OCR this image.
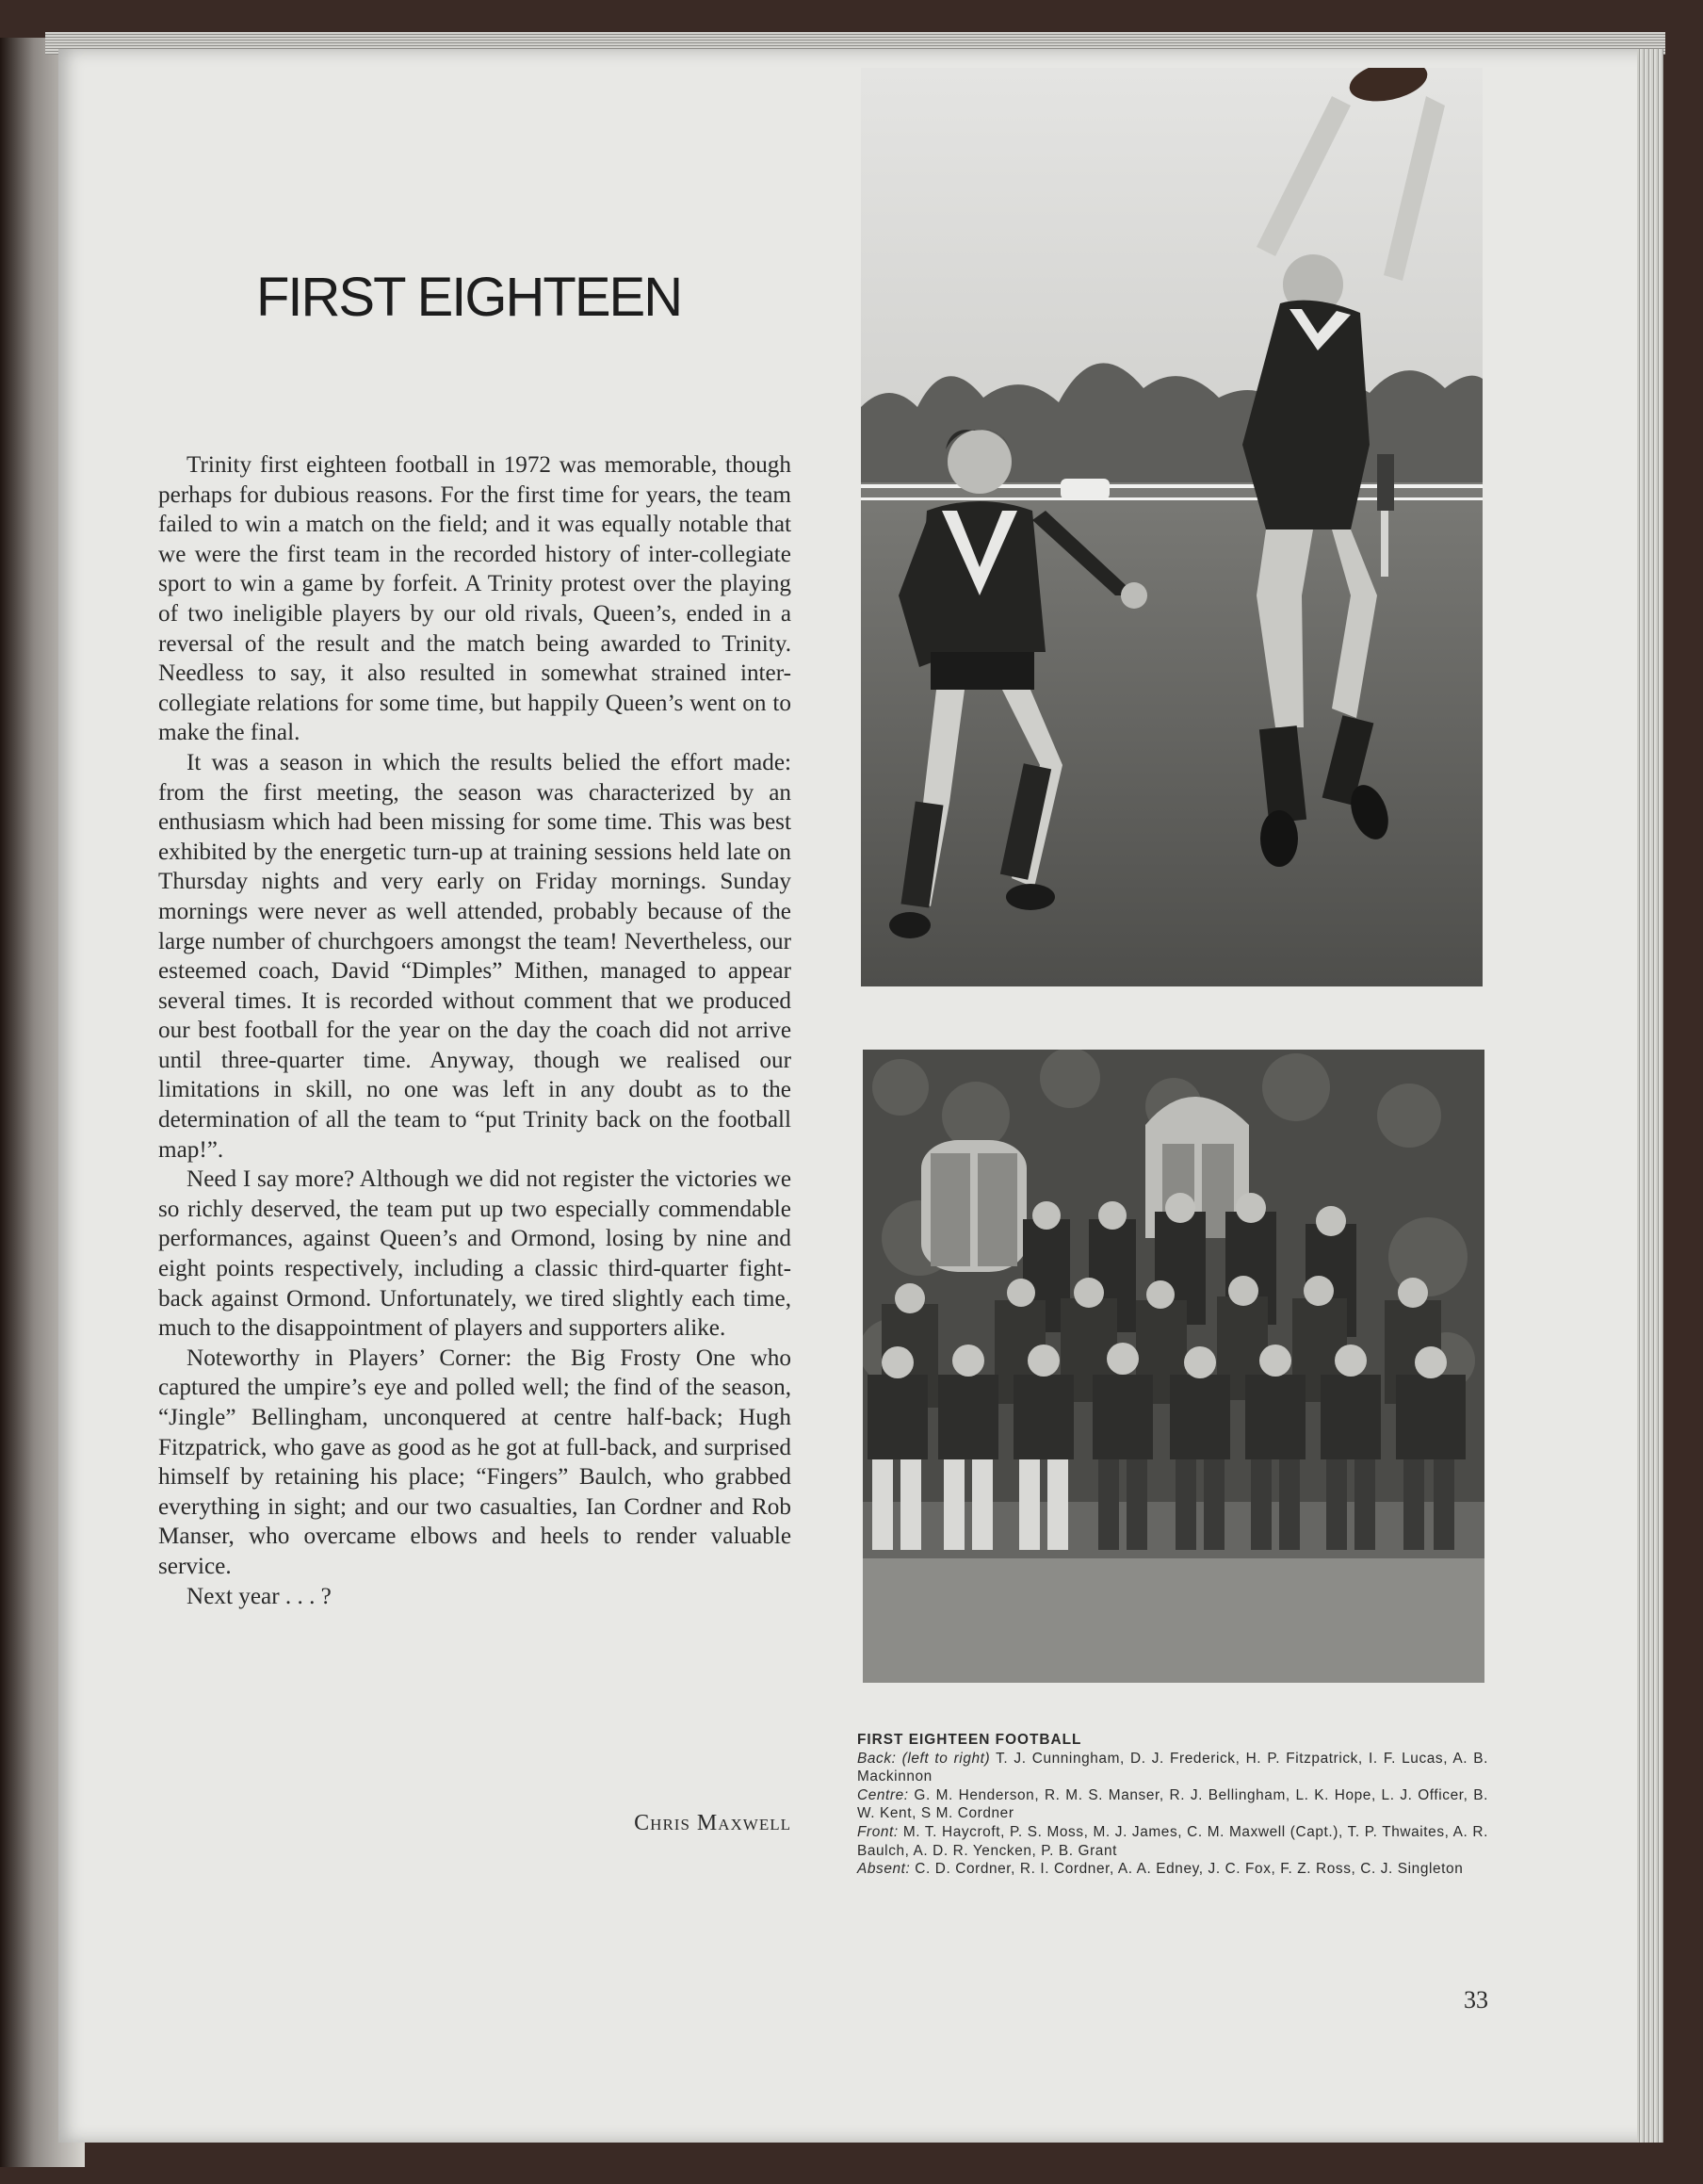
FIRST EIGHTEEN

Trinity first eighteen football in 1972 was memorable, though perhaps for dubious reasons. For the first time for years, the team failed to win a match on the field; and it was equally notable that we were the first team in the recorded history of inter-collegiate sport to win a game by forfeit. A Trinity protest over the playing of two ineligible players by our old rivals, Queen’s, ended in a reversal of the result and the match being awarded to Trinity. Needless to say, it also resulted in somewhat strained inter-collegiate relations for some time, but happily Queen’s went on to make the final.

It was a season in which the results belied the effort made: from the first meeting, the season was characterized by an enthusiasm which had been missing for some time. This was best exhibited by the energetic turn-up at training sessions held late on Thursday nights and very early on Friday mornings. Sunday mornings were never as well attended, probably because of the large number of churchgoers amongst the team! Nevertheless, our esteemed coach, David “Dimples” Mithen, managed to appear several times. It is recorded without comment that we produced our best football for the year on the day the coach did not arrive until three-quarter time. Anyway, though we realised our limitations in skill, no one was left in any doubt as to the determination of all the team to “put Trinity back on the football map!”.

Need I say more? Although we did not register the victories we so richly deserved, the team put up two especially commendable performances, against Queen’s and Ormond, losing by nine and eight points respectively, including a classic third-quarter fight-back against Ormond. Unfortunately, we tired slightly each time, much to the disappointment of players and supporters alike.

Noteworthy in Players’ Corner: the Big Frosty One who captured the umpire’s eye and polled well; the find of the season, “Jingle” Bellingham, unconquered at centre half-back; Hugh Fitzpatrick, who gave as good as he got at full-back, and surprised himself by retaining his place; “Fingers” Baulch, who grabbed everything in sight; and our two casualties, Ian Cordner and Rob Manser, who overcame elbows and heels to render valuable service.

Next year . . . ?

Chris Maxwell
FIRST EIGHTEEN FOOTBALL
Back: (left to right) T. J. Cunningham, D. J. Frederick, H. P. Fitzpatrick, I. F. Lucas, A. B. Mackinnon
Centre: G. M. Henderson, R. M. S. Manser, R. J. Bellingham, L. K. Hope, L. J. Officer, B. W. Kent, S M. Cordner
Front: M. T. Haycroft, P. S. Moss, M. J. James, C. M. Maxwell (Capt.), T. P. Thwaites, A. R. Baulch, A. D. R. Yencken, P. B. Grant
Absent: C. D. Cordner, R. I. Cordner, A. A. Edney, J. C. Fox, F. Z. Ross, C. J. Singleton
33
